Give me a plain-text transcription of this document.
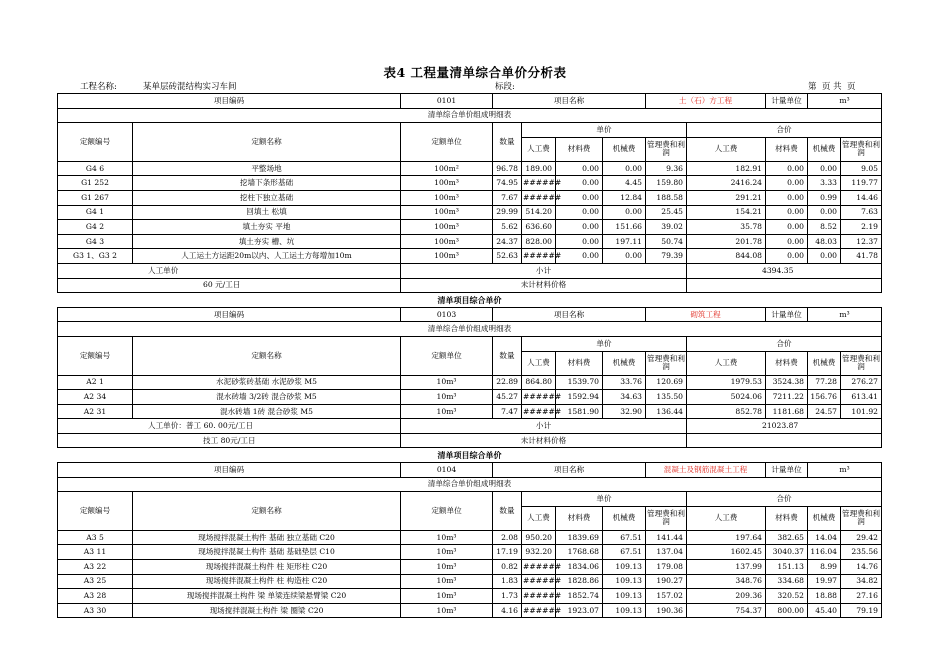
表4 工程量清单综合单价分析表
工程名称:	某单层砖混结构实习车间	标段:	第  页 共  页
项目编码		0101	项目名称				土（石）方工程		计量单位	m³	
清单综合单价组成明细表											
定额编号	定额名称	定额单位	数量	单价				合价			
				人工费	材料费	机械费	管理费和利润	人工费	材料费	机械费	管理费和利润
G4 6	平整场地	100m²	96.78	189.00	0.00	0.00	9.36	182.91	0.00	0.00	9.05
G1 252	挖墙下条形基础	100m³	74.95	######	0.00	4.45	159.80	2416.24	0.00	3.33	119.77
G1 267	挖柱下独立基础	100m³	7.67	######	0.00	12.84	188.58	291.21	0.00	0.99	14.46
G4 1	回填土 松填	100m³	29.99	514.20	0.00	0.00	25.45	154.21	0.00	0.00	7.63
G4 2	填土夯实 平地	100m³	5.62	636.60	0.00	151.66	39.02	35.78	0.00	8.52	2.19
G4 3	填土夯实 槽、坑	100m³	24.37	828.00	0.00	197.11	50.74	201.78	0.00	48.03	12.37
G3 1、G3 2	人工运土方运距20m以内、人工运土方每增加10m	100m³	52.63	######	0.00	0.00	79.39	844.08	0.00	0.00	41.78
人工单价		小计						4394.35			
60 元/工日		未计材料价格									
清单项目综合单价											
项目编码		0103	项目名称				砌筑工程		计量单位	m³	
清单综合单价组成明细表											
定额编号	定额名称	定额单位	数量	单价				合价			
				人工费	材料费	机械费	管理费和利润	人工费	材料费	机械费	管理费和利润
A2 1	水泥砂浆砖基础 水泥砂浆 M5	10m³	22.89	864.80	1539.70	33.76	120.69	1979.53	3524.38	77.28	276.27
A2 34	混水砖墙 3/2砖 混合砂浆 M5	10m³	45.27	######	1592.94	34.63	135.50	5024.06	7211.22	156.76	613.41
A2 31	混水砖墙 1砖 混合砂浆 M5	10m³	7.47	######	1581.90	32.90	136.44	852.78	1181.68	24.57	101.92
人工单价：普工 60. 00元/工日		小计						21023.87			
技工 80元/工日		未计材料价格									
清单项目综合单价											
项目编码		0104	项目名称				混凝土及钢筋混凝土工程		计量单位	m³	
清单综合单价组成明细表											
定额编号	定额名称	定额单位	数量	单价				合价			
				人工费	材料费	机械费	管理费和利润	人工费	材料费	机械费	管理费和利润
A3 5	现场搅拌混凝土构件 基础 独立基础 C20	10m³	2.08	950.20	1839.69	67.51	141.44	197.64	382.65	14.04	29.42
A3 11	现场搅拌混凝土构件 基础 基础垫层 C10	10m³	17.19	932.20	1768.68	67.51	137.04	1602.45	3040.37	116.04	235.56
A3 22	现场搅拌混凝土构件 柱 矩形柱 C20	10m³	0.82	######	1834.06	109.13	179.08	137.99	151.13	8.99	14.76
A3 25	现场搅拌混凝土构件 柱 构造柱 C20	10m³	1.83	######	1828.86	109.13	190.27	348.76	334.68	19.97	34.82
A3 28	现场搅拌混凝土构件 梁 单梁连续梁悬臂梁 C20	10m³	1.73	######	1852.74	109.13	157.02	209.36	320.52	18.88	27.16
A3 30	现场搅拌混凝土构件 梁 圈梁 C20	10m³	4.16	######	1923.07	109.13	190.36	754.37	800.00	45.40	79.19
